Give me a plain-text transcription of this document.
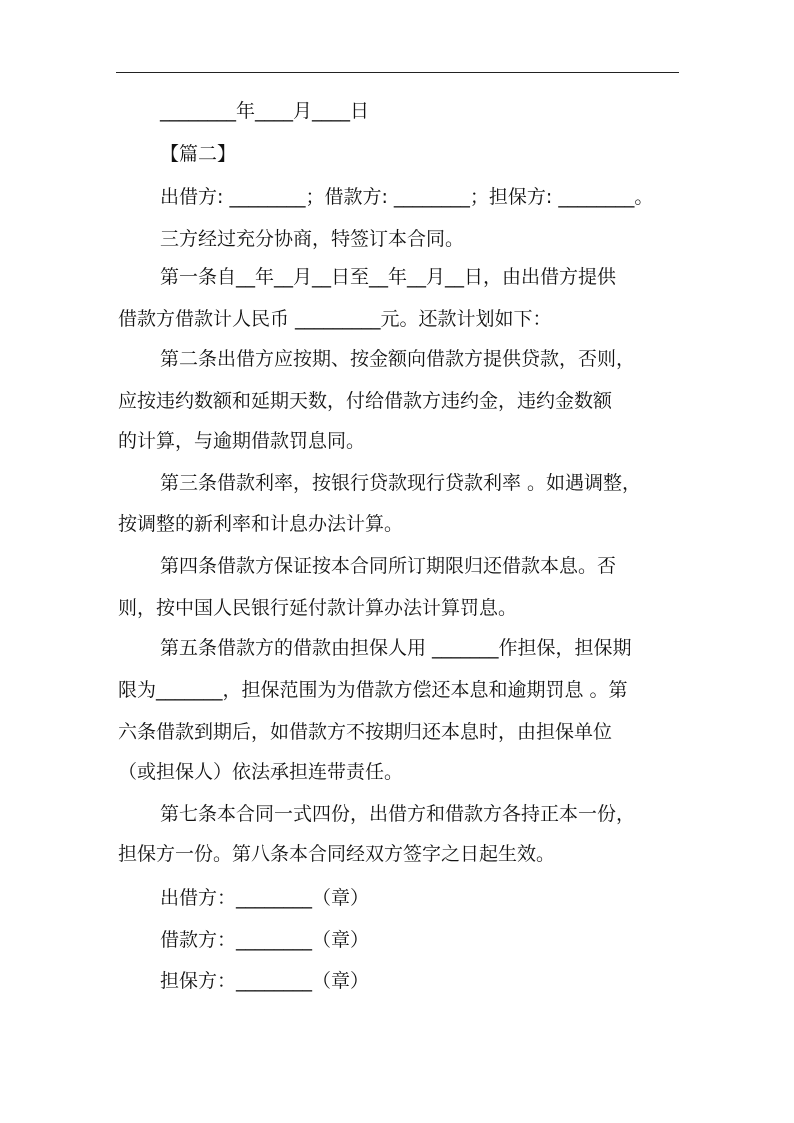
________年____月____日
【篇二】
出借方: ________；借款方: ________；担保方: ________。
三方经过充分协商，特签订本合同。
第一条自__年__月__日至__年__月__日，由出借方提供
借款方借款计人民币 _________元。还款计划如下：
第二条出借方应按期、按金额向借款方提供贷款，否则，
应按违约数额和延期天数，付给借款方违约金，违约金数额
的计算，与逾期借款罚息同。
第三条借款利率，按银行贷款现行贷款利率 。如遇调整，
按调整的新利率和计息办法计算。
第四条借款方保证按本合同所订期限归还借款本息。否
则，按中国人民银行延付款计算办法计算罚息。
第五条借款方的借款由担保人用 _______作担保，担保期
限为_______，担保范围为为借款方偿还本息和逾期罚息 。第
六条借款到期后，如借款方不按期归还本息时，由担保单位
（或担保人）依法承担连带责任。
第七条本合同一式四份，出借方和借款方各持正本一份，
担保方一份。第八条本合同经双方签字之日起生效。
出借方：________（章）
借款方：________（章）
担保方：________（章）
